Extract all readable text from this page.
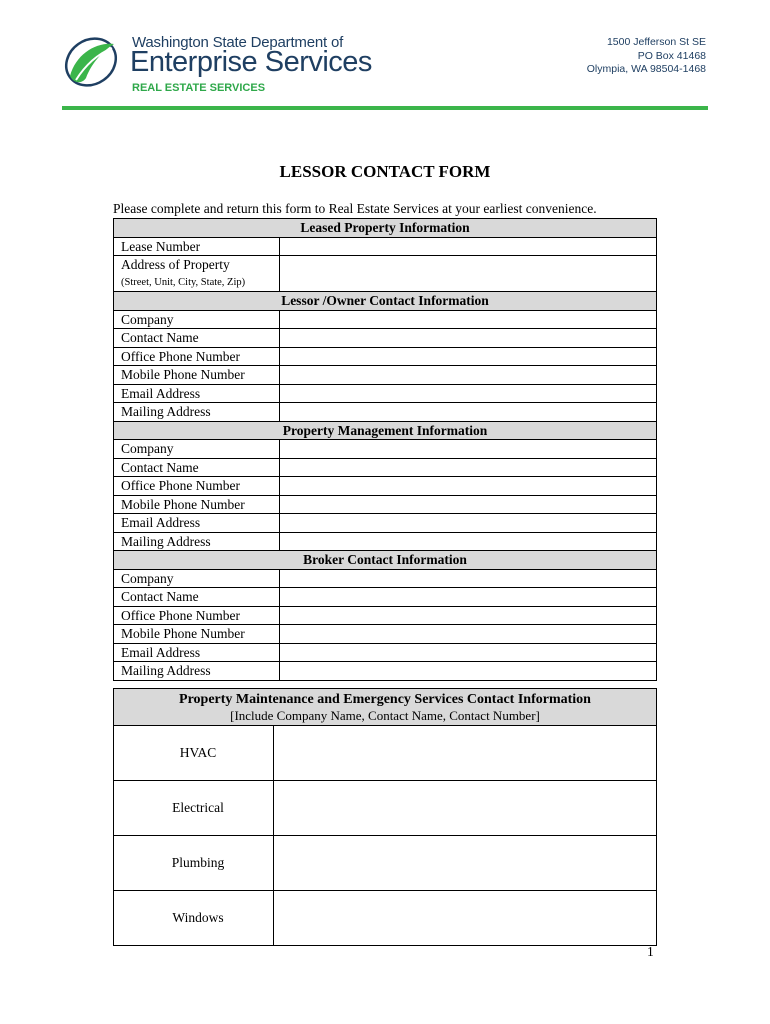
Washington State Department of
Enterprise Services
REAL ESTATE SERVICES
1500 Jefferson St SE
PO Box 41468
Olympia, WA 98504-1468
LESSOR CONTACT FORM
Please complete and return this form to Real Estate Services at your earliest convenience.
Leased Property Information	
Lease Number	
Address of Property	
(Street, Unit, City, State, Zip)	
Lessor /Owner Contact Information	
Company	
Contact Name	
Office Phone Number	
Mobile Phone Number	
Email Address	
Mailing Address	
Property Management Information	
Company	
Contact Name	
Office Phone Number	
Mobile Phone Number	
Email Address	
Mailing Address	
Broker Contact Information	
Company	
Contact Name	
Office Phone Number	
Mobile Phone Number	
Email Address	
Mailing Address	
Property Maintenance and Emergency Services Contact Information
[Include Company Name, Contact Name, Contact Number]	

HVAC	
Electrical	
Plumbing	
Windows	
1
